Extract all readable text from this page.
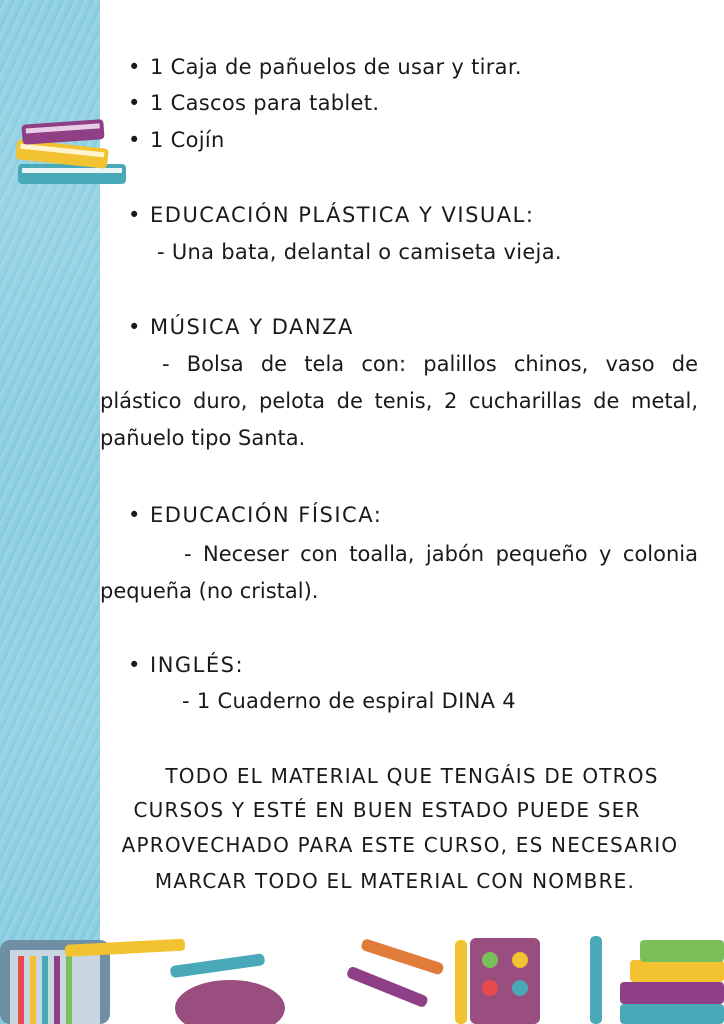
• 1 Caja de pañuelos de usar y tirar.
• 1 Cascos para tablet.
• 1 Cojín
• EDUCACIÓN PLÁSTICA Y VISUAL:
- Una bata, delantal o camiseta vieja.
• MÚSICA Y DANZA
- Bolsa de tela con: palillos chinos, vaso de plástico duro, pelota de tenis, 2 cucharillas de metal, pañuelo tipo Santa.
• EDUCACIÓN FÍSICA:
- Neceser con toalla, jabón pequeño y colonia pequeña (no cristal).
• INGLÉS:
- 1 Cuaderno de espiral DINA 4
TODO EL MATERIAL QUE TENGÁIS DE OTROS
CURSOS Y ESTÉ EN BUEN ESTADO PUEDE SER
APROVECHADO PARA ESTE CURSO, ES NECESARIO
MARCAR TODO EL MATERIAL CON NOMBRE.
